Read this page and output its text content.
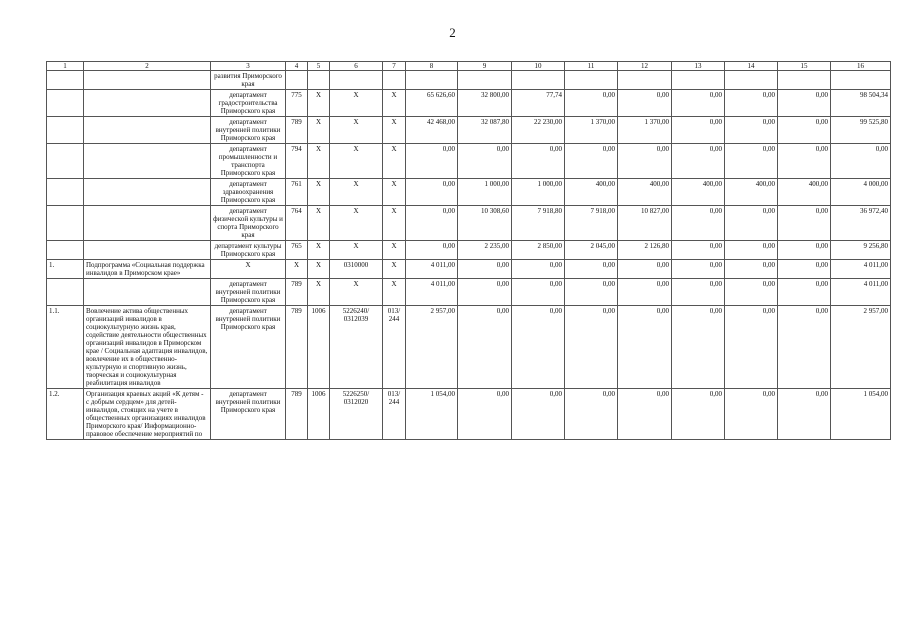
2
1	2	3	4	5	6	7	8	9	10	11	12	13	14	15	16
		развития Приморского края													
		департамент градостроительства Приморского края	775	X	X	X	65 626,60	32 800,00	77,74	0,00	0,00	0,00	0,00	0,00	98 504,34
		департамент внутренней политики Приморского края	789	X	X	X	42 468,00	32 087,80	22 230,00	1 370,00	1 370,00	0,00	0,00	0,00	99 525,80
		департамент промышленности и транспорта Приморского края	794	X	X	X	0,00	0,00	0,00	0,00	0,00	0,00	0,00	0,00	0,00
		департамент здравоохранения Приморского края	761	X	X	X	0,00	1 000,00	1 000,00	400,00	400,00	400,00	400,00	400,00	4 000,00
		департамент физической культуры и спорта Приморского края	764	X	X	X	0,00	10 308,60	7 918,80	7 918,00	10 827,00	0,00	0,00	0,00	36 972,40
		департамент культуры Приморского края	765	X	X	X	0,00	2 235,00	2 850,00	2 045,00	2 126,80	0,00	0,00	0,00	9 256,80
1.	Подпрограмма «Социальная поддержка инвалидов в Приморском крае»	X	X	X	0310000	X	4 011,00	0,00	0,00	0,00	0,00	0,00	0,00	0,00	4 011,00
		департамент внутренней политики Приморского края	789	X	X	X	4 011,00	0,00	0,00	0,00	0,00	0,00	0,00	0,00	4 011,00
1.1.	Вовлечение актива общественных организаций инвалидов в социокультурную жизнь края, содействие деятельности общественных организаций инвалидов в Приморском крае / Социальная адаптация инвалидов, вовлечение их в общественно-культурную и спортивную жизнь, творческая и социокультурная реабилитация инвалидов	департамент внутренней политики Приморского края	789	1006	5226240/ 0312039	013/ 244	2 957,00	0,00	0,00	0,00	0,00	0,00	0,00	0,00	2 957,00
1.2.	Организация краевых акций «К детям - с добрым сердцем» для детей-инвалидов, стоящих на учете в общественных организациях инвалидов Приморского края/ Информационно-правовое обеспечение мероприятий по	департамент внутренней политики Приморского края	789	1006	5226250/ 0312020	013/ 244	1 054,00	0,00	0,00	0,00	0,00	0,00	0,00	0,00	1 054,00
